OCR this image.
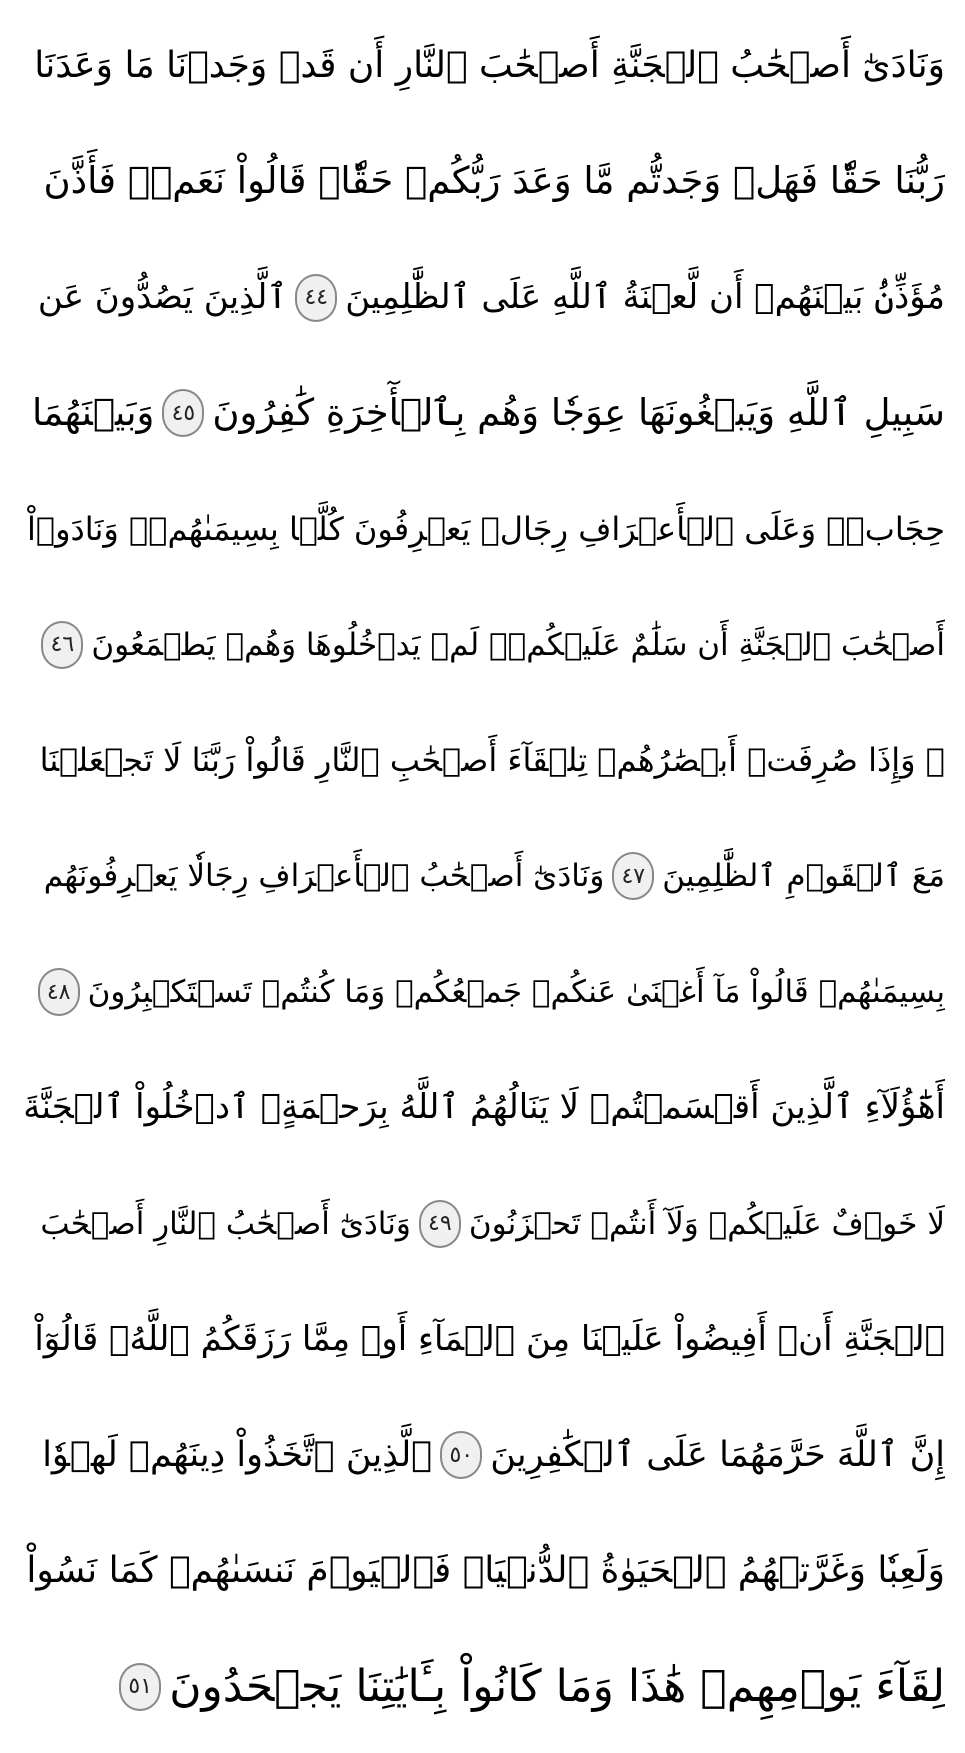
وَنَادَىٰٓ أَصۡحَٰبُ ٱلۡجَنَّةِ أَصۡحَٰبَ ٱلنَّارِ أَن قَدۡ وَجَدۡنَا مَا وَعَدَنَا
رَبُّنَا حَقّٗا فَهَلۡ وَجَدتُّم مَّا وَعَدَ رَبُّكُمۡ حَقّٗاۖ قَالُواْ نَعَمۡۚ فَأَذَّنَ
مُؤَذِّنُۢ بَيۡنَهُمۡ أَن لَّعۡنَةُ ٱللَّهِ عَلَى ٱلظَّٰلِمِينَ
٤٤
ٱلَّذِينَ يَصُدُّونَ عَن
سَبِيلِ ٱللَّهِ وَيَبۡغُونَهَا عِوَجٗا وَهُم بِٱلۡأٓخِرَةِ كَٰفِرُونَ
٤٥
وَبَيۡنَهُمَا
حِجَابٞۚ وَعَلَى ٱلۡأَعۡرَافِ رِجَالٞ يَعۡرِفُونَ كُلَّۢا بِسِيمَىٰهُمۡۚ وَنَادَوۡاْ
أَصۡحَٰبَ ٱلۡجَنَّةِ أَن سَلَٰمٌ عَلَيۡكُمۡۚ لَمۡ يَدۡخُلُوهَا وَهُمۡ يَطۡمَعُونَ
٤٦
۞ وَإِذَا صُرِفَتۡ أَبۡصَٰرُهُمۡ تِلۡقَآءَ أَصۡحَٰبِ ٱلنَّارِ قَالُواْ رَبَّنَا لَا تَجۡعَلۡنَا
مَعَ ٱلۡقَوۡمِ ٱلظَّٰلِمِينَ
٤٧
وَنَادَىٰٓ أَصۡحَٰبُ ٱلۡأَعۡرَافِ رِجَالٗا يَعۡرِفُونَهُم
بِسِيمَىٰهُمۡ قَالُواْ مَآ أَغۡنَىٰ عَنكُمۡ جَمۡعُكُمۡ وَمَا كُنتُمۡ تَسۡتَكۡبِرُونَ
٤٨
أَهَٰٓؤُلَآءِ ٱلَّذِينَ أَقۡسَمۡتُمۡ لَا يَنَالُهُمُ ٱللَّهُ بِرَحۡمَةٍۚ ٱدۡخُلُواْ ٱلۡجَنَّةَ
لَا خَوۡفٌ عَلَيۡكُمۡ وَلَآ أَنتُمۡ تَحۡزَنُونَ
٤٩
وَنَادَىٰٓ أَصۡحَٰبُ ٱلنَّارِ أَصۡحَٰبَ
ٱلۡجَنَّةِ أَنۡ أَفِيضُواْ عَلَيۡنَا مِنَ ٱلۡمَآءِ أَوۡ مِمَّا رَزَقَكُمُ ٱللَّهُۚ قَالُوٓاْ
إِنَّ ٱللَّهَ حَرَّمَهُمَا عَلَى ٱلۡكَٰفِرِينَ
٥٠
ٱلَّذِينَ ٱتَّخَذُواْ دِينَهُمۡ لَهۡوٗا
وَلَعِبٗا وَغَرَّتۡهُمُ ٱلۡحَيَوٰةُ ٱلدُّنۡيَاۚ فَٱلۡيَوۡمَ نَنسَىٰهُمۡ كَمَا نَسُواْ
لِقَآءَ يَوۡمِهِمۡ هَٰذَا وَمَا كَانُواْ بِـَٔايَٰتِنَا يَجۡحَدُونَ
٥١
